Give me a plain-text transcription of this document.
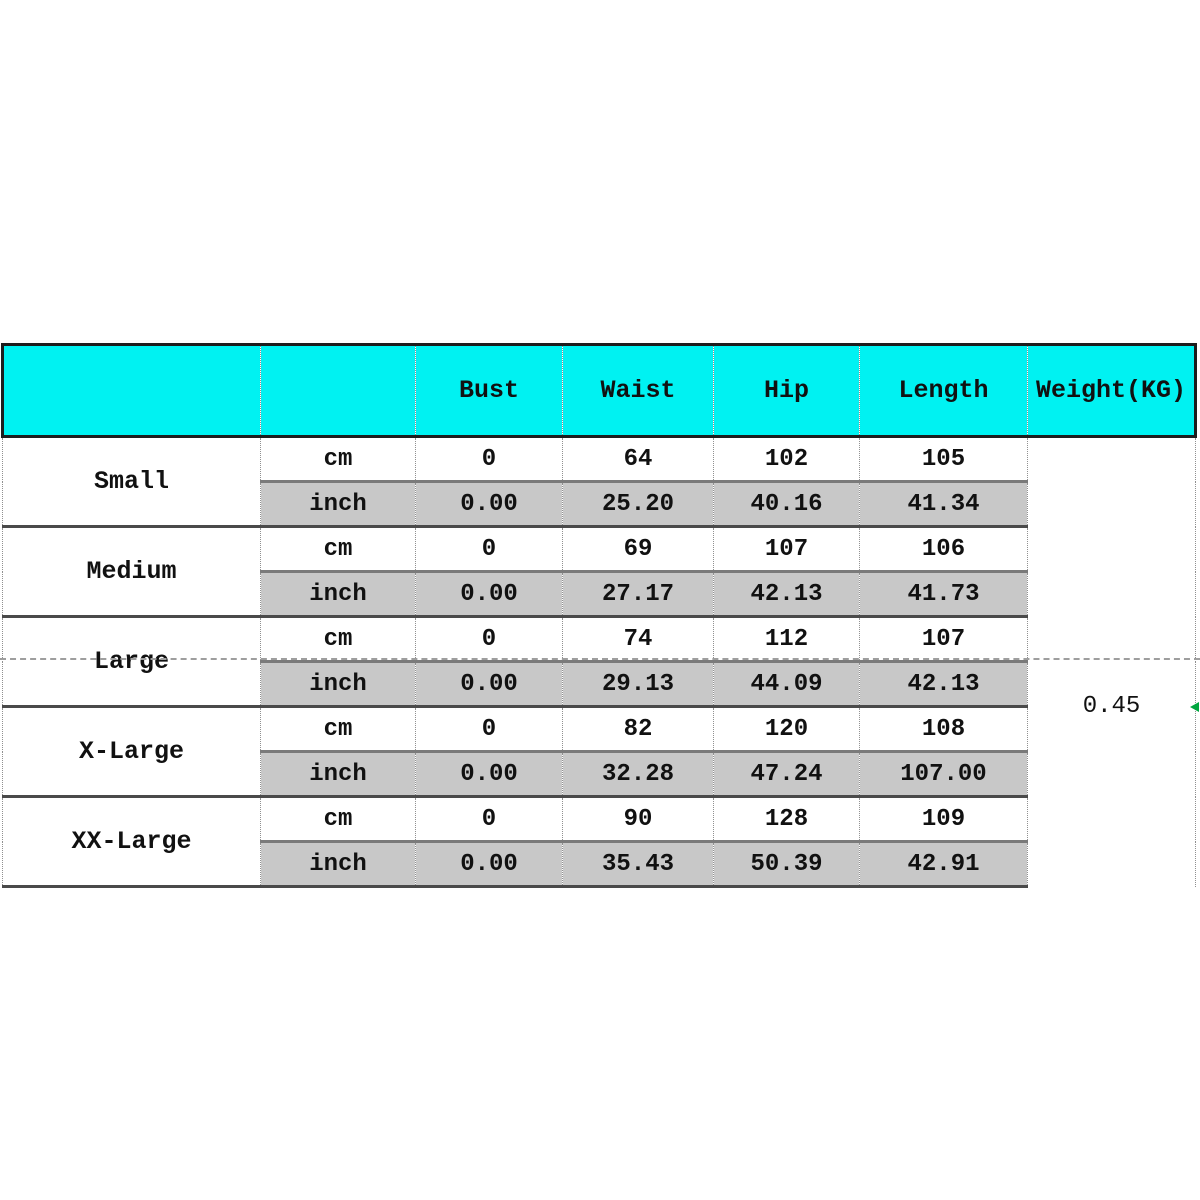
		Bust	Waist	Hip	Length	Weight(KG)
Small	cm	0	64	102	105	0.45

	inch	0.00	25.20	40.16	41.34	
Medium	cm	0	69	107	106	
	inch	0.00	27.17	42.13	41.73	
Large	cm	0	74	112	107	
	inch	0.00	29.13	44.09	42.13	
X-Large	cm	0	82	120	108	
	inch	0.00	32.28	47.24	107.00	
XX-Large	cm	0	90	128	109	
	inch	0.00	35.43	50.39	42.91	
